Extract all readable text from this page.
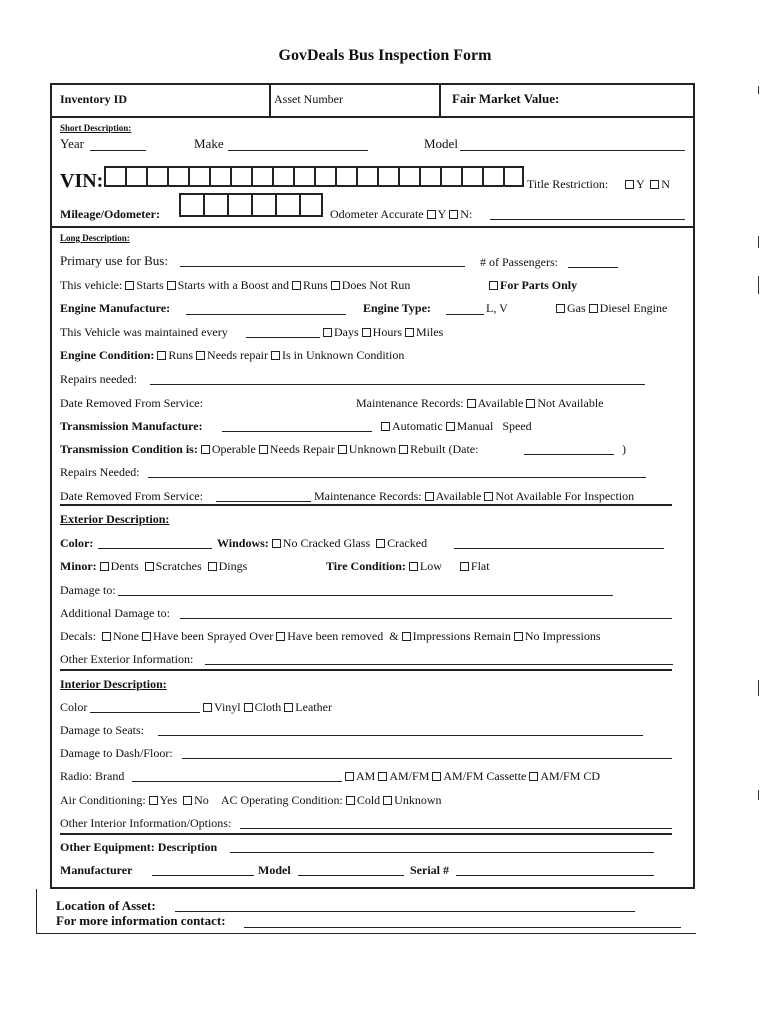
GovDeals Bus Inspection Form
Inventory ID	Asset Number	Fair Market Value:
Short Description:
Year	Make	Model
VIN:	Title Restriction:	Y N
Mileage/Odometer:	Odometer Accurate Y N:
Long Description:
Primary use for Bus:	# of Passengers:
This vehicle: Starts Starts with a Boost and Runs Does Not Run	For Parts Only
Engine Manufacture:	Engine Type:	L, V	Gas Diesel Engine
This Vehicle was maintained every	Days Hours Miles
Engine Condition: Runs Needs repair Is in Unknown Condition
Repairs needed:
Date Removed From Service:	Maintenance Records: Available Not Available
Transmission Manufacture:	Automatic Manual Speed
Transmission Condition is: Operable Needs Repair Unknown Rebuilt (Date:	)
Repairs Needed:
Date Removed From Service:	Maintenance Records: Available Not Available For Inspection
Exterior Description:
Color:	Windows: No Cracked Glass Cracked
Minor: Dents Scratches Dings	Tire Condition: Low Flat
Damage to:
Additional Damage to:
Decals: None Have been Sprayed Over Have been removed & Impressions Remain No Impressions
Other Exterior Information:
Interior Description:
Color	Vinyl Cloth Leather
Damage to Seats:
Damage to Dash/Floor:
Radio: Brand	AM AM/FM AM/FM Cassette AM/FM CD
Air Conditioning: Yes No AC Operating Condition: Cold Unknown
Other Interior Information/Options:
Other Equipment: Description
Manufacturer	Model	Serial #
Location of Asset:
For more information contact:
